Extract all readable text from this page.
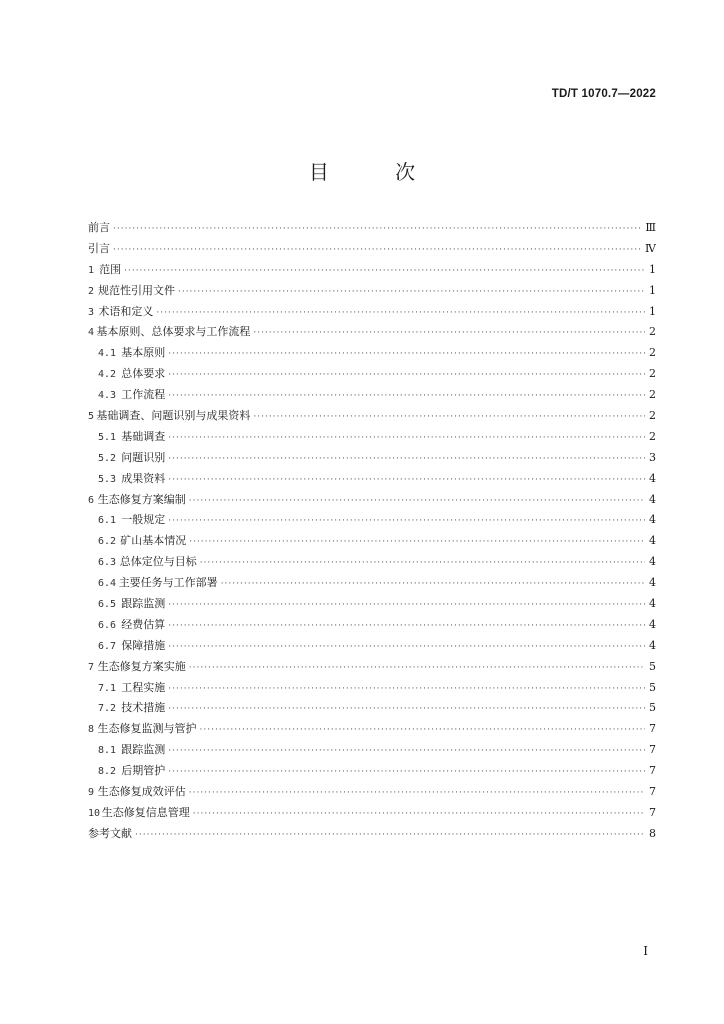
TD/T 1070.7—2022
目 次
前言 ·····	Ⅲ
引言 ·····	Ⅳ
1 范围 ·····	1
2 规范性引用文件 ·····	1
3 术语和定义 ·····	1
4 基本原则、总体要求与工作流程 ·····	2
4.1 基本原则 ·····	2
4.2 总体要求 ·····	2
4.3 工作流程 ·····	2
5 基础调查、问题识别与成果资料 ·····	2
5.1 基础调查 ·····	2
5.2 问题识别 ·····	3
5.3 成果资料 ·····	4
6 生态修复方案编制 ·····	4
6.1 一般规定 ·····	4
6.2 矿山基本情况 ·····	4
6.3 总体定位与目标 ·····	4
6.4 主要任务与工作部署 ·····	4
6.5 跟踪监测 ·····	4
6.6 经费估算 ·····	4
6.7 保障措施 ·····	4
7 生态修复方案实施 ·····	5
7.1 工程实施 ·····	5
7.2 技术措施 ·····	5
8 生态修复监测与管护 ·····	7
8.1 跟踪监测 ·····	7
8.2 后期管护 ·····	7
9 生态修复成效评估 ·····	7
10 生态修复信息管理 ·····	7
参考文献 ·····	8
I
